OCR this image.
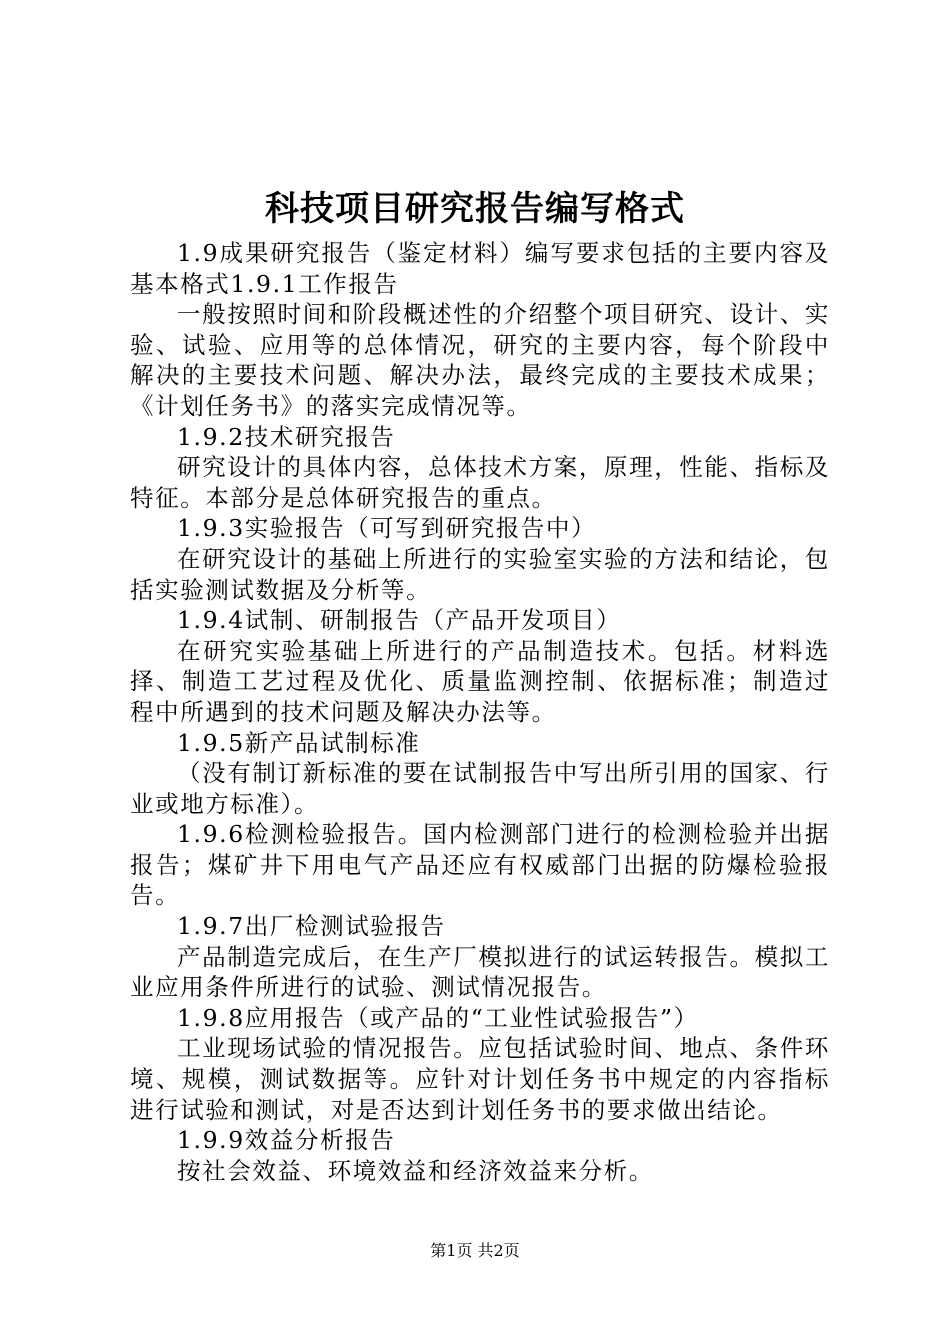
科技项目研究报告编写格式

1.9成果研究报告（鉴定材料）编写要求包括的主要内容及基本格式1.9.1工作报告

一般按照时间和阶段概述性的介绍整个项目研究、设计、实验、试验、应用等的总体情况，研究的主要内容，每个阶段中解决的主要技术问题、解决办法，最终完成的主要技术成果；《计划任务书》的落实完成情况等。

1.9.2技术研究报告

研究设计的具体内容，总体技术方案，原理，性能、指标及特征。本部分是总体研究报告的重点。

1.9.3实验报告（可写到研究报告中）

在研究设计的基础上所进行的实验室实验的方法和结论，包括实验测试数据及分析等。

1.9.4试制、研制报告（产品开发项目）

在研究实验基础上所进行的产品制造技术。包括。材料选择、制造工艺过程及优化、质量监测控制、依据标准；制造过程中所遇到的技术问题及解决办法等。

1.9.5新产品试制标准

（没有制订新标准的要在试制报告中写出所引用的国家、行业或地方标准）。

1.9.6检测检验报告。国内检测部门进行的检测检验并出据报告；煤矿井下用电气产品还应有权威部门出据的防爆检验报告。

1.9.7出厂检测试验报告

产品制造完成后，在生产厂模拟进行的试运转报告。模拟工业应用条件所进行的试验、测试情况报告。

1.9.8应用报告（或产品的“工业性试验报告”）

工业现场试验的情况报告。应包括试验时间、地点、条件环境、规模，测试数据等。应针对计划任务书中规定的内容指标进行试验和测试，对是否达到计划任务书的要求做出结论。

1.9.9效益分析报告

按社会效益、环境效益和经济效益来分析。

第1页 共2页
